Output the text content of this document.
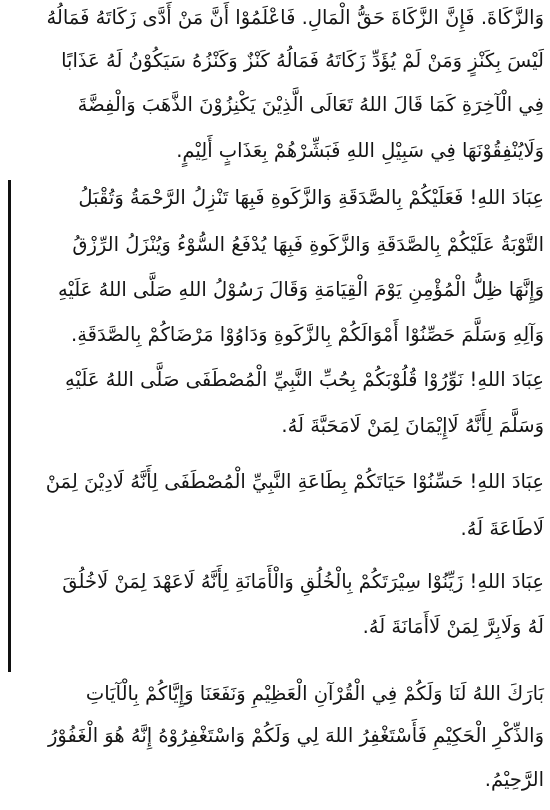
وَالزَّكَاةَ. فَإِنَّ الزَّكَاةَ حَقُّ الْمَالِ. فَاعْلَمُوْا أَنَّ مَنْ أَدَّى زَكَاتَهُ فَمَالُهُ
لَيْسَ بِكَنْزٍ وَمَنْ لَمْ يُؤَدِّ زَكَاتَهُ فَمَالُهُ كَنْزٌ وَكَنْزُهُ سَيَكُوْنُ لَهُ عَذَابًا
فِي الْآخِرَةِ كَمَا قَالَ اللهُ تَعَالَى الَّذِيْنَ يَكْنِزُوْنَ الذَّهَبَ وَالْفِضَّةَ
وَلَايُنْفِقُوْنَهَا فِي سَبِيْلِ اللهِ فَبَشِّرْهُمْ بِعَذَابٍ أَلِيْمٍ.
عِبَادَ اللهِ! فَعَلَيْكُمْ بِالصَّدَقَةِ وَالزَّكَوةِ فَبِهَا تَنْزِلُ الرَّحْمَةُ وَتُقْبَلُ
التَّوْبَةُ عَلَيْكُمْ بِالصَّدَقَةِ وَالزَّكَوةِ فَبِهَا يُدْفَعُ السُّوْءُ وَيُنْزَلُ الرِّزْقُ
وَإِنَّهَا ظِلُّ الْمُؤْمِنِ يَوْمَ الْقِيَامَةِ وَقَالَ رَسُوْلُ اللهِ صَلَّى اللهُ عَلَيْهِ
وَآلِهِ وَسَلَّمَ حَصِّنُوْا أَمْوَالَكُمْ بِالزَّكَوةِ وَدَاوُوْا مَرْضَاكُمْ بِالصَّدَقَةِ.
عِبَادَ اللهِ! نَوِّرُوْا قُلُوْبَكُمْ بِحُبِّ النَّبِيِّ الْمُصْطَفَى صَلَّى اللهُ عَلَيْهِ
وَسَلَّمَ لِأَنَّهُ لَاإِيْمَانَ لِمَنْ لَامَحَبَّةَ لَهُ.
عِبَادَ اللهِ! حَسِّنُوْا حَيَاتَكُمْ بِطَاعَةِ النَّبِيِّ الْمُصْطَفَى لِأَنَّهُ لَادِيْنَ لِمَنْ
لَاطَاعَةَ لَهُ.
عِبَادَ اللهِ! زَيِّنُوْا سِيْرَتَكُمْ بِالْخُلُقِ وَالْأَمَانَةِ لِأَنَّهُ لَاعَهْدَ لِمَنْ لَاخُلُقَ
لَهُ وَلَابِرَّ لِمَنْ لَاأَمَانَةَ لَهُ.
بَارَكَ اللهُ لَنَا وَلَكُمْ فِي الْقُرْآنِ الْعَظِيْمِ وَنَفَعَنَا وَإِيَّاكُمْ بِالْآيَاتِ
وَالذِّكْرِ الْحَكِيْمِ فَأَسْتَغْفِرُ اللهَ لِي وَلَكُمْ وَاسْتَغْفِرُوْهُ إِنَّهُ هُوَ الْغَفُوْرُ
الرَّحِيْمُ.
